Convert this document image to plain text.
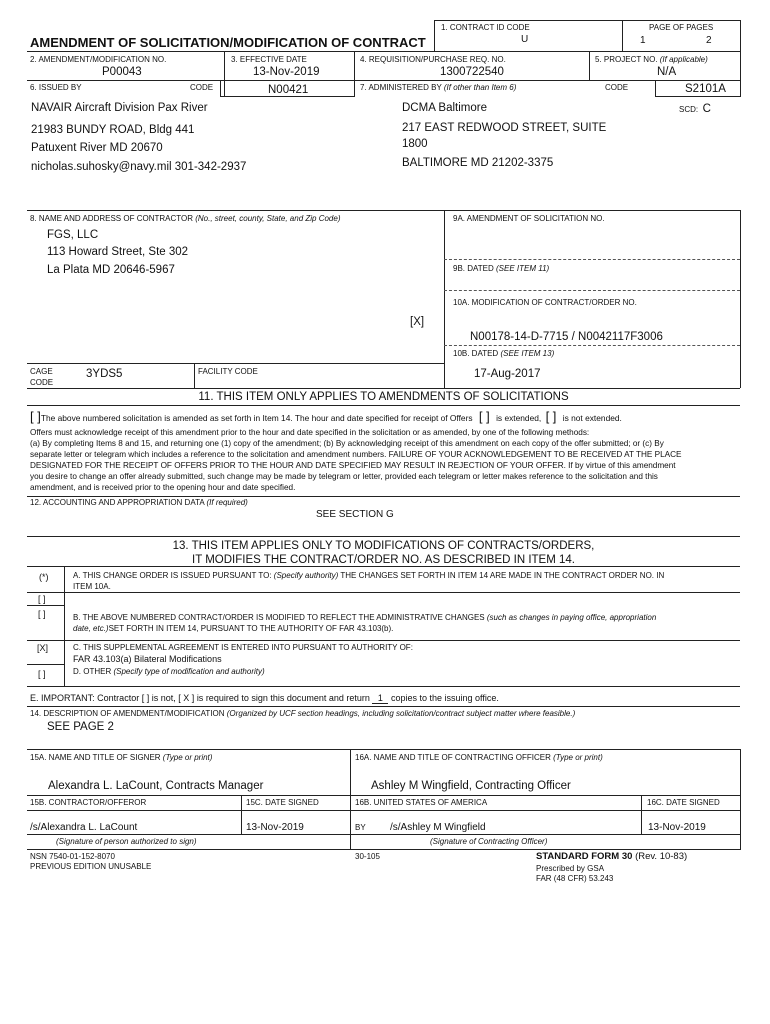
AMENDMENT OF SOLICITATION/MODIFICATION OF CONTRACT
1. CONTRACT ID CODE
U
PAGE OF PAGES
1	2
2. AMENDMENT/MODIFICATION NO.
P00043
3. EFFECTIVE DATE
13-Nov-2019
4. REQUISITION/PURCHASE REQ. NO.
1300722540
5. PROJECT NO. (If applicable)
N/A
6. ISSUED BY	CODE	N00421	7. ADMINISTERED BY (If other than Item 6)	CODE	S2101A
SCD: C
NAVAIR Aircraft Division Pax River
21983 BUNDY ROAD, Bldg 441
Patuxent River MD 20670
nicholas.suhosky@navy.mil 301-342-2937
DCMA Baltimore
217 EAST REDWOOD STREET, SUITE
1800
BALTIMORE MD 21202-3375
8. NAME AND ADDRESS OF CONTRACTOR (No., street, county, State, and Zip Code)
FGS, LLC
113 Howard Street, Ste 302
La Plata MD 20646-5967
CAGE
CODE
3YDS5	FACILITY CODE
9A. AMENDMENT OF SOLICITATION NO.
9B. DATED (SEE ITEM 11)
10A. MODIFICATION OF CONTRACT/ORDER NO.
[X]
N00178-14-D-7715 / N0042117F3006
10B. DATED (SEE ITEM 13)
17-Aug-2017
11. THIS ITEM ONLY APPLIES TO AMENDMENTS OF SOLICITATIONS
[ ]The above numbered solicitation is amended as set forth in Item 14. The hour and date specified for receipt of Offers [ ] is extended, [ ] is not extended.
Offers must acknowledge receipt of this amendment prior to the hour and date specified in the solicitation or as amended, by one of the following methods:
(a) By completing Items 8 and 15, and returning one (1) copy of the amendment; (b) By acknowledging receipt of this amendment on each copy of the offer submitted; or (c) By
separate letter or telegram which includes a reference to the solicitation and amendment numbers. FAILURE OF YOUR ACKNOWLEDGEMENT TO BE RECEIVED AT THE PLACE
DESIGNATED FOR THE RECEIPT OF OFFERS PRIOR TO THE HOUR AND DATE SPECIFIED MAY RESULT IN REJECTION OF YOUR OFFER. If by virtue of this amendment
you desire to change an offer already submitted, such change may be made by telegram or letter, provided each telegram or letter makes reference to the solicitation and this
amendment, and is received prior to the opening hour and date specified.
12. ACCOUNTING AND APPROPRIATION DATA (If required)
SEE SECTION G
13. THIS ITEM APPLIES ONLY TO MODIFICATIONS OF CONTRACTS/ORDERS,
IT MODIFIES THE CONTRACT/ORDER NO. AS DESCRIBED IN ITEM 14.
(*)	A. THIS CHANGE ORDER IS ISSUED PURSUANT TO: (Specify authority) THE CHANGES SET FORTH IN ITEM 14 ARE MADE IN THE CONTRACT ORDER NO. IN
ITEM 10A.
[ ]
[ ]	B. THE ABOVE NUMBERED CONTRACT/ORDER IS MODIFIED TO REFLECT THE ADMINISTRATIVE CHANGES (such as changes in paying office, appropriation
date, etc.)SET FORTH IN ITEM 14, PURSUANT TO THE AUTHORITY OF FAR 43.103(b).
[X]	C. THIS SUPPLEMENTAL AGREEMENT IS ENTERED INTO PURSUANT TO AUTHORITY OF:
FAR 43.103(a) Bilateral Modifications
[ ]	D. OTHER (Specify type of modification and authority)
E. IMPORTANT: Contractor [ ] is not, [ X ] is required to sign this document and return 1 copies to the issuing office.
14. DESCRIPTION OF AMENDMENT/MODIFICATION (Organized by UCF section headings, including solicitation/contract subject matter where feasible.)
SEE PAGE 2
15A. NAME AND TITLE OF SIGNER (Type or print)
Alexandra L. LaCount, Contracts Manager
16A. NAME AND TITLE OF CONTRACTING OFFICER (Type or print)
Ashley M Wingfield, Contracting Officer
15B. CONTRACTOR/OFFEROR	15C. DATE SIGNED	16B. UNITED STATES OF AMERICA	16C. DATE SIGNED
/s/Alexandra L. LaCount	13-Nov-2019	BY /s/Ashley M Wingfield	13-Nov-2019
(Signature of person authorized to sign)	(Signature of Contracting Officer)
NSN 7540-01-152-8070
PREVIOUS EDITION UNUSABLE
30-105	STANDARD FORM 30 (Rev. 10-83)
Prescribed by GSA
FAR (48 CFR) 53.243
